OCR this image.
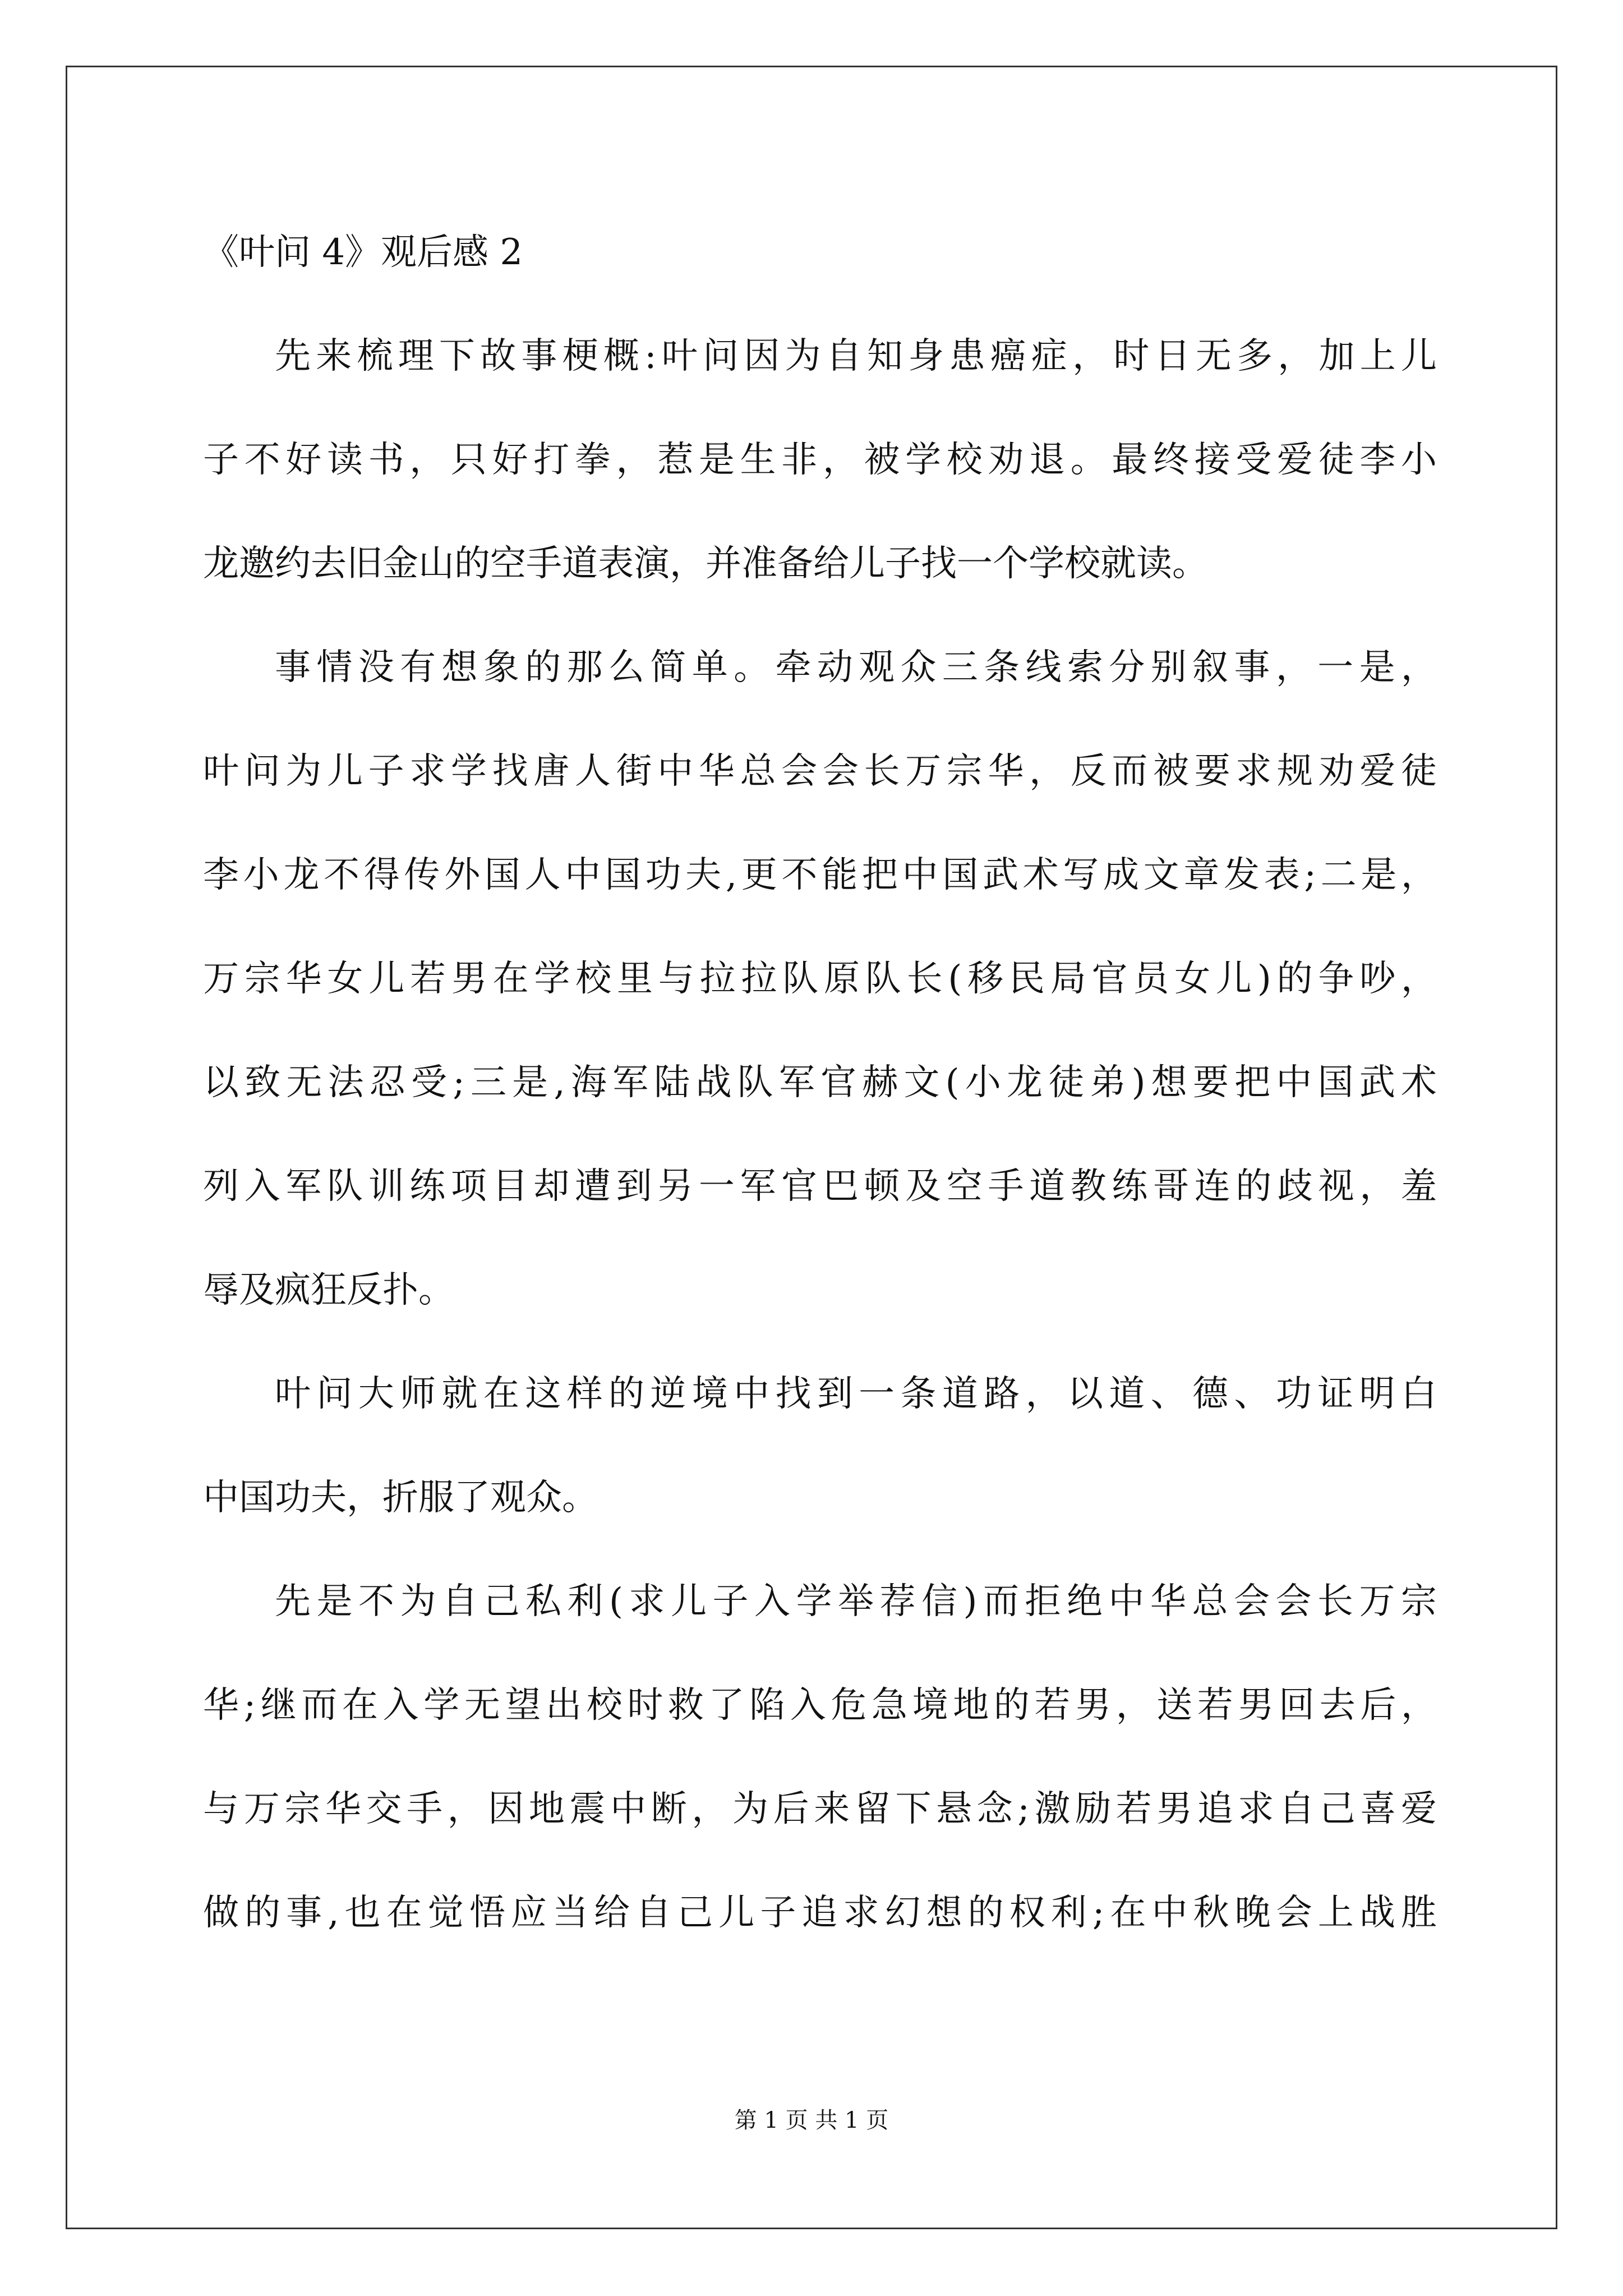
《叶问 4》观后感 2
先来梳理下故事梗概:叶问因为自知身患癌症，时日无多，加上儿
子不好读书，只好打拳，惹是生非，被学校劝退。最终接受爱徒李小
龙邀约去旧金山的空手道表演，并准备给儿子找一个学校就读。
事情没有想象的那么简单。牵动观众三条线索分别叙事，一是，
叶问为儿子求学找唐人街中华总会会长万宗华，反而被要求规劝爱徒
李小龙不得传外国人中国功夫,更不能把中国武术写成文章发表;二是，
万宗华女儿若男在学校里与拉拉队原队长(移民局官员女儿)的争吵，
以致无法忍受;三是,海军陆战队军官赫文(小龙徒弟)想要把中国武术
列入军队训练项目却遭到另一军官巴顿及空手道教练哥连的歧视，羞
辱及疯狂反扑。
叶问大师就在这样的逆境中找到一条道路，以道、德、功证明白
中国功夫，折服了观众。
先是不为自己私利(求儿子入学举荐信)而拒绝中华总会会长万宗
华;继而在入学无望出校时救了陷入危急境地的若男，送若男回去后，
与万宗华交手，因地震中断，为后来留下悬念;激励若男追求自己喜爱
做的事,也在觉悟应当给自己儿子追求幻想的权利;在中秋晚会上战胜
第 1 页 共 1 页
